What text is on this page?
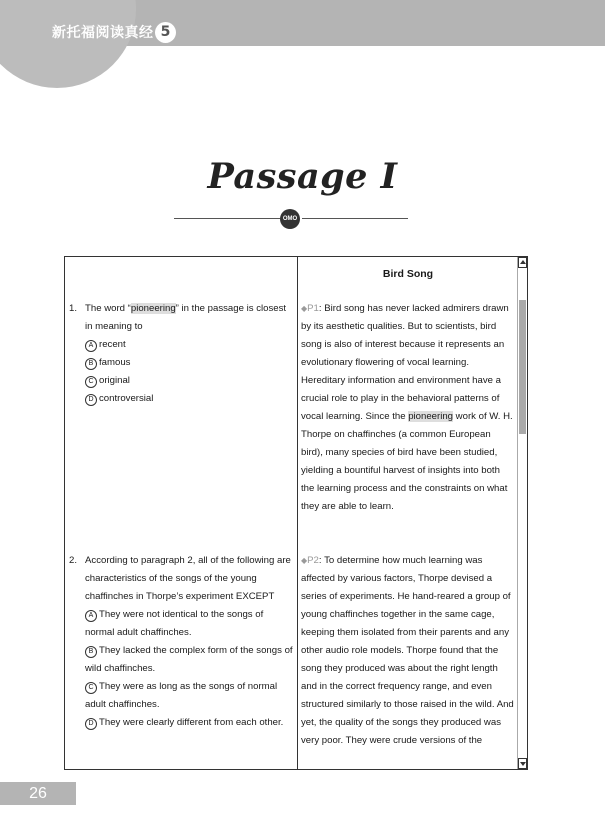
新托福阅读真经 5
Passage I
OMO
1. The word “pioneering” in the passage is closest in meaning to
A recent
B famous
C original
D controversial
2. According to paragraph 2, all of the following are characteristics of the songs of the young chaffinches in Thorpe’s experiment EXCEPT
A They were not identical to the songs of normal adult chaffinches.
B They lacked the complex form of the songs of wild chaffinches.
C They were as long as the songs of normal adult chaffinches.
D They were clearly different from each other.
Bird Song
◆P1: Bird song has never lacked admirers drawn by its aesthetic qualities. But to scientists, bird song is also of interest because it represents an evolutionary flowering of vocal learning. Hereditary information and environment have a crucial role to play in the behavioral patterns of vocal learning. Since the pioneering work of W. H. Thorpe on chaffinches (a common European bird), many species of bird have been studied, yielding a bountiful harvest of insights into both the learning process and the constraints on what they are able to learn.
◆P2: To determine how much learning was affected by various factors, Thorpe devised a series of experiments. He hand-reared a group of young chaffinches together in the same cage, keeping them isolated from their parents and any other audio role models. Thorpe found that the song they produced was about the right length and in the correct frequency range, and even structured similarly to those raised in the wild. And yet, the quality of the songs they produced was very poor. They were crude versions of the
26
